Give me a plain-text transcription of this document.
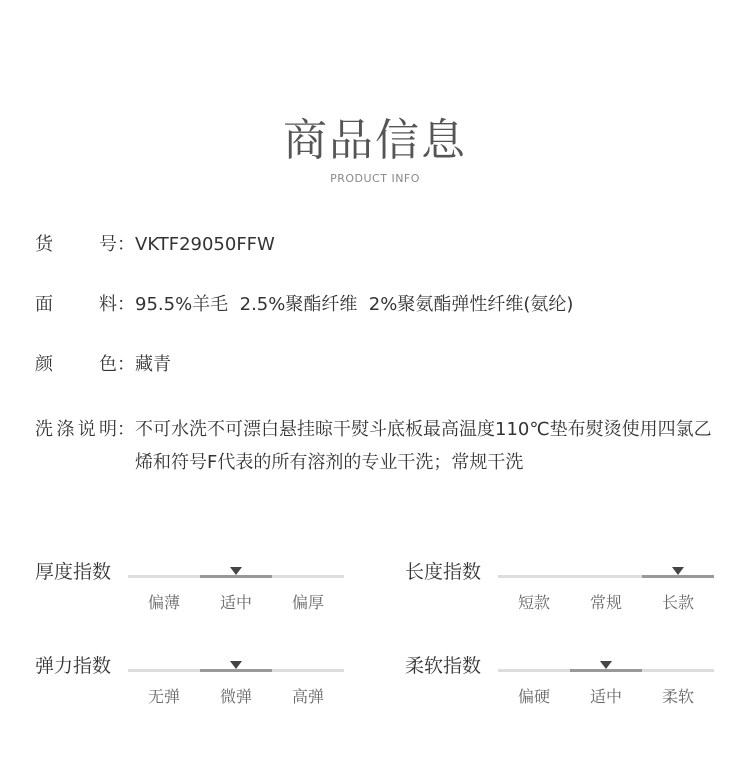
商品信息
PRODUCT INFO
货号 ： VKTF29050FFW
面料 ： 95.5%羊毛  2.5%聚酯纤维  2%聚氨酯弹性纤维(氨纶)
颜色 ： 藏青
洗涤说明 ： 不可水洗不可漂白悬挂晾干熨斗底板最高温度110℃垫布熨烫使用四氯乙烯和符号F代表的所有溶剂的专业干洗；常规干洗
厚度指数
偏薄	适中	偏厚
长度指数
短款	常规	长款
弹力指数
无弹	微弹	高弹
柔软指数
偏硬	适中	柔软
